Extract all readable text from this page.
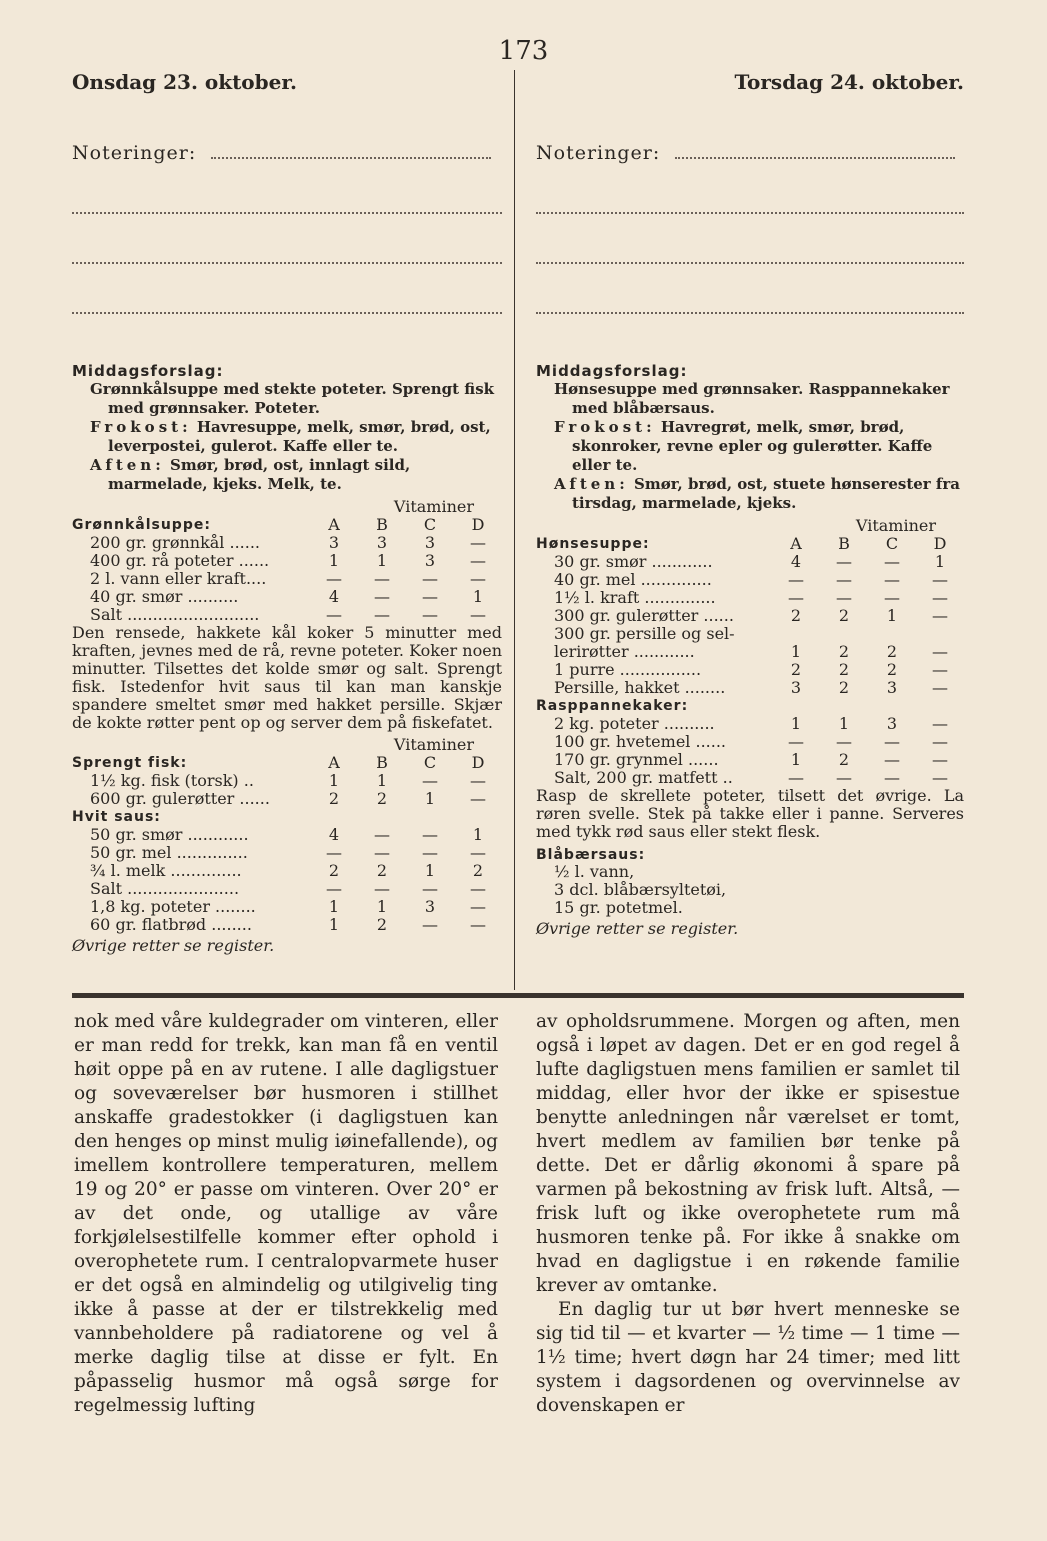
173
Onsdag 23. oktober.
Noteringer:
Middagsforslag:
Grønnkålsuppe med stekte poteter. Sprengt fisk med grønnsaker. Poteter.
Frokost: Havresuppe, melk, smør, brød, ost, leverpostei, gulerot. Kaffe eller te.
Aften: Smør, brød, ost, innlagt sild, marmelade, kjeks. Melk, te.
Vitaminer
Grønnkålsuppe:	A	B	C	D
200 gr. grønnkål ......	3	3	3	—
400 gr. rå poteter ......	1	1	3	—
2 l. vann eller kraft....	—	—	—	—
40 gr. smør ..........	4	—	—	1
Salt ..........................	—	—	—	—
Den rensede, hakkete kål koker 5 minutter med kraften, jevnes med de rå, revne poteter. Koker noen minutter. Tilsettes det kolde smør og salt. Sprengt fisk. Istedenfor hvit saus til kan man kanskje spandere smeltet smør med hakket persille. Skjær de kokte røtter pent op og server dem på fiskefatet.
Vitaminer
Sprengt fisk:	A	B	C	D
1½ kg. fisk (torsk) ..	1	1	—	—
600 gr. gulerøtter ......	2	2	1	—
Hvit saus:				
50 gr. smør ............	4	—	—	1
50 gr. mel ..............	—	—	—	—
¾ l. melk ..............	2	2	1	2
Salt ......................	—	—	—	—
1,8 kg. poteter ........	1	1	3	—
60 gr. flatbrød ........	1	2	—	—
Øvrige retter se register.
Torsdag 24. oktober.
Noteringer:
Middagsforslag:
Hønsesuppe med grønnsaker. Rasppannekaker med blåbærsaus.
Frokost: Havregrøt, melk, smør, brød, skonroker, revne epler og gulerøtter. Kaffe eller te.
Aften: Smør, brød, ost, stuete hønserester fra tirsdag, marmelade, kjeks.
Vitaminer
Hønsesuppe:	A	B	C	D
30 gr. smør ............	4	—	—	1
40 gr. mel ..............	—	—	—	—
1½ l. kraft ..............	—	—	—	—
300 gr. gulerøtter ......	2	2	1	—
300 gr. persille og sel-				
lerirøtter ............	1	2	2	—
1 purre ................	2	2	2	—
Persille, hakket ........	3	2	3	—
Rasppannekaker:				
2 kg. poteter ..........	1	1	3	—
100 gr. hvetemel ......	—	—	—	—
170 gr. grynmel ......	1	2	—	—
Salt, 200 gr. matfett ..	—	—	—	—
Rasp de skrellete poteter, tilsett det øvrige. La røren svelle. Stek på takke eller i panne. Serveres med tykk rød saus eller stekt flesk.
Blåbærsaus:
½ l. vann,
3 dcl. blåbærsyltetøi,
15 gr. potetmel.
Øvrige retter se register.

nok med våre kuldegrader om vinteren, eller er man redd for trekk, kan man få en ventil høit oppe på en av rutene. I alle dagligstuer og soveværelser bør husmoren i stillhet anskaffe gradestokker (i dagligstuen kan den henges op minst mulig iøinefallende), og imellem kontrollere temperaturen, mellem 19 og 20° er passe om vinteren. Over 20° er av det onde, og utallige av våre forkjølelsestilfelle kommer efter ophold i overophetete rum. I centralopvarmete huser er det også en almindelig og utilgivelig ting ikke å passe at der er tilstrekkelig med vannbeholdere på radiatorene og vel å merke daglig tilse at disse er fylt. En påpasselig husmor må også sørge for regelmessig lufting

av opholdsrummene. Morgen og aften, men også i løpet av dagen. Det er en god regel å lufte dagligstuen mens familien er samlet til middag, eller hvor der ikke er spisestue benytte anledningen når værelset er tomt, hvert medlem av familien bør tenke på dette. Det er dårlig økonomi å spare på varmen på bekostning av frisk luft. Altså, — frisk luft og ikke overophetete rum må husmoren tenke på. For ikke å snakke om hvad en dagligstue i en røkende familie krever av omtanke.

En daglig tur ut bør hvert menneske se sig tid til — et kvarter — ½ time — 1 time — 1½ time; hvert døgn har 24 timer; med litt system i dagsordenen og overvinnelse av dovenskapen er
